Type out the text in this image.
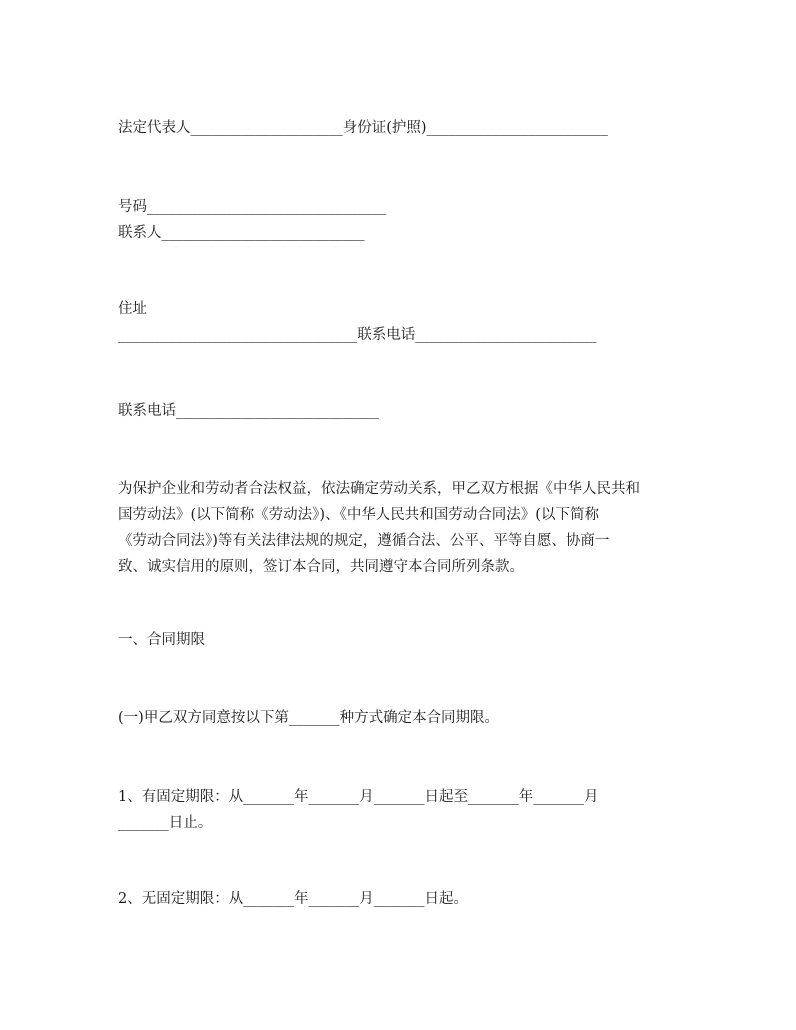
法定代表人_____________________身份证(护照)_________________________

号码_________________________________

联系人____________________________

住址

_________________________________联系电话_________________________

联系电话____________________________

为保护企业和劳动者合法权益，依法确定劳动关系，甲乙双方根据《中华人民共和
国劳动法》(以下简称《劳动法》)、《中华人民共和国劳动合同法》(以下简称
《劳动合同法》)等有关法律法规的规定，遵循合法、公平、平等自愿、协商一
致、诚实信用的原则，签订本合同，共同遵守本合同所列条款。

一、合同期限

(一)甲乙双方同意按以下第_______种方式确定本合同期限。

1、有固定期限：从_______年_______月_______日起至_______年_______月

_______日止。

2、无固定期限：从_______年_______月_______日起。
